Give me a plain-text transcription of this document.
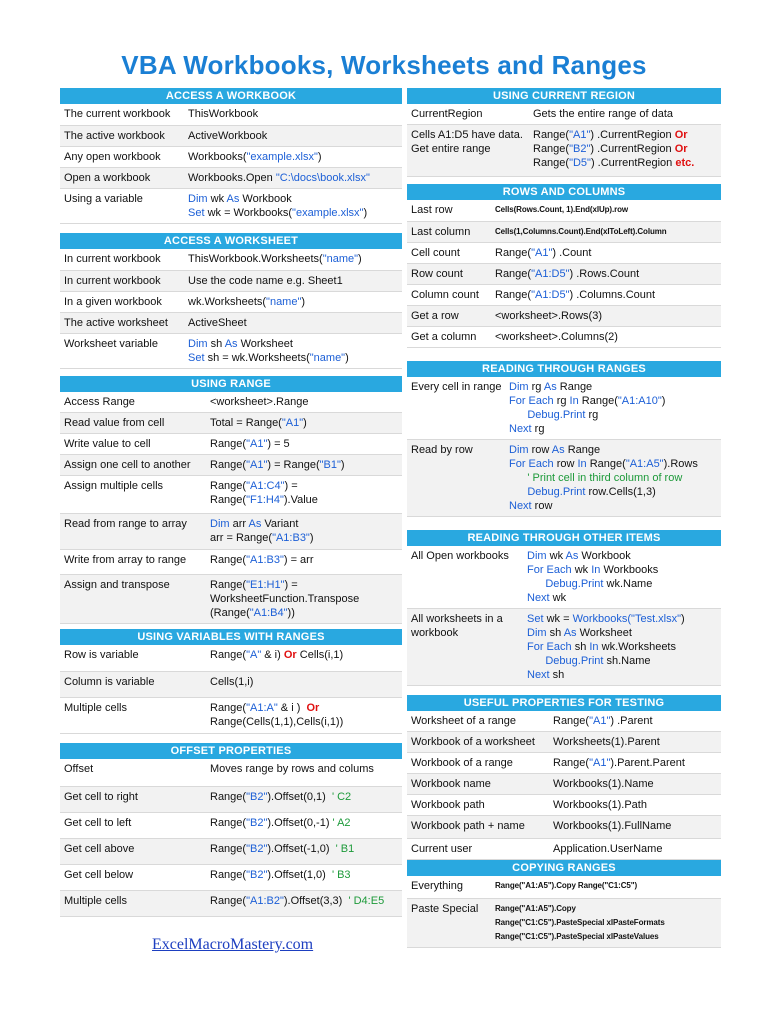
VBA Workbooks, Worksheets and Ranges
ACCESS A WORKBOOK
The current workbook	ThisWorkbook

The active workbook	ActiveWorkbook

Any open workbook	Workbooks("example.xlsx")

Open a workbook	Workbooks.Open "C:\docs\book.xlsx"

Using a variable	Dim wk As Workbook
Set wk = Workbooks("example.xlsx")
ACCESS A WORKSHEET
In current workbook	ThisWorkbook.Worksheets("name")

In current workbook	Use the code name e.g. Sheet1

In a given workbook	wk.Worksheets("name")

The active worksheet	ActiveSheet

Worksheet variable	Dim sh As Worksheet
Set sh = wk.Worksheets("name")
USING RANGE
Access Range	<worksheet>.Range

Read value from cell	Total = Range("A1")

Write value to cell	Range("A1") = 5

Assign one cell to another	Range("A1") = Range("B1")

Assign multiple cells	Range("A1:C4") =
Range("F1:H4").Value

Read from range to array	Dim arr As Variant
arr = Range("A1:B3")

Write from array to range	Range("A1:B3") = arr

Assign and transpose	Range("E1:H1") =
WorksheetFunction.Transpose
(Range("A1:B4"))
USING VARIABLES WITH RANGES
Row is variable	Range("A" & i) Or Cells(i,1)

Column is variable	Cells(1,i)

Multiple cells	Range("A1:A" & i )  Or
Range(Cells(1,1),Cells(i,1))
OFFSET PROPERTIES
Offset	Moves range by rows and colums

Get cell to right	Range("B2").Offset(0,1)  ' C2

Get cell to left	Range("B2").Offset(0,-1) ' A2

Get cell above	Range("B2").Offset(-1,0)  ' B1

Get cell below	Range("B2").Offset(1,0)  ' B3

Multiple cells	Range("A1:B2").Offset(3,3)  ' D4:E5
USING CURRENT REGION
CurrentRegion	Gets the entire range of data

Cells A1:D5 have data. Get entire range	Range("A1") .CurrentRegion Or
Range("B2") .CurrentRegion Or
Range("D5") .CurrentRegion etc.
ROWS AND COLUMNS
Last row	Cells(Rows.Count, 1).End(xlUp).row

Last column	Cells(1,Columns.Count).End(xlToLeft).Column

Cell count	Range("A1") .Count

Row count	Range("A1:D5") .Rows.Count

Column count	Range("A1:D5") .Columns.Count

Get a row	<worksheet>.Rows(3)

Get a column	<worksheet>.Columns(2)
READING THROUGH RANGES
Every cell in range	Dim rg As Range
For Each rg In Range("A1:A10")
Debug.Print rg
Next rg

Read by row	Dim row As Range
For Each row In Range("A1:A5").Rows
' Print cell in third column of row
Debug.Print row.Cells(1,3)
Next row
READING THROUGH OTHER ITEMS
All Open workbooks	Dim wk As Workbook
For Each wk In Workbooks
Debug.Print wk.Name
Next wk

All worksheets in a workbook	Set wk = Workbooks("Test.xlsx")
Dim sh As Worksheet
For Each sh In wk.Worksheets
Debug.Print sh.Name
Next sh
USEFUL PROPERTIES FOR TESTING
Worksheet of a range	Range("A1") .Parent

Workbook of a worksheet	Worksheets(1).Parent

Workbook of a range	Range("A1").Parent.Parent

Workbook name	Workbooks(1).Name

Workbook path	Workbooks(1).Path

Workbook path + name	Workbooks(1).FullName

Current user	Application.UserName
COPYING RANGES
Everything	Range("A1:A5").Copy Range("C1:C5")

Paste Special	Range("A1:A5").Copy
Range("C1:C5").PasteSpecial xlPasteFormats
Range("C1:C5").PasteSpecial xlPasteValues
ExcelMacroMastery.com
